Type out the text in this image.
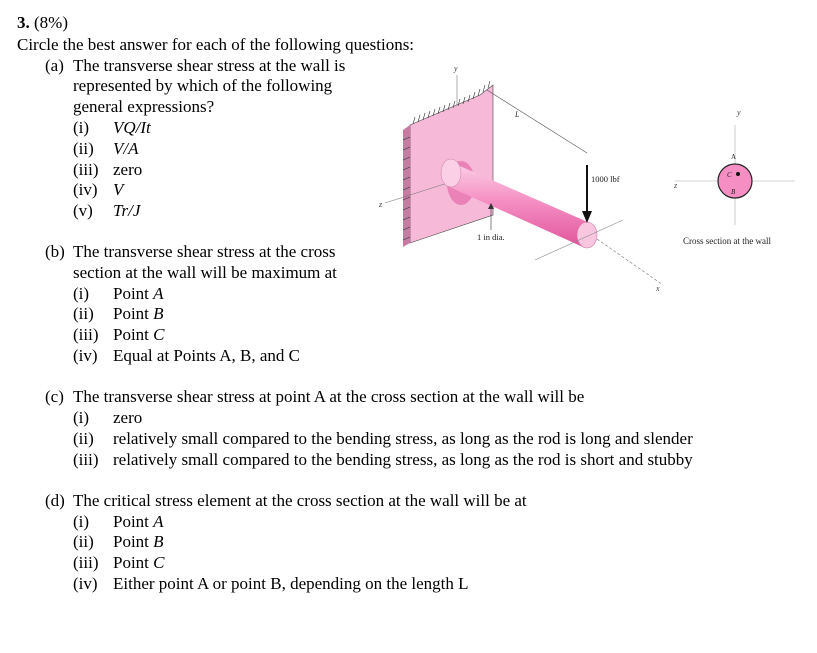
3. (8%)
Circle the best answer for each of the following questions:
(a) The transverse shear stress at the wall is
represented by which of the following
general expressions?
(i) VQ/It
(ii) V/A
(iii) zero
(iv) V
(v) Tr/J
(b) The transverse shear stress at the cross
section at the wall will be maximum at
(i) Point A
(ii) Point B
(iii) Point C
(iv) Equal at Points A, B, and C
(c) The transverse shear stress at point A at the cross section at the wall will be
(i) zero
(ii) relatively small compared to the bending stress, as long as the rod is long and slender
(iii) relatively small compared to the bending stress, as long as the rod is short and stubby
(d) The critical stress element at the cross section at the wall will be at
(i) Point A
(ii) Point B
(iii) Point C
(iv) Either point A or point B, depending on the length L
y
z
x
L
1000 lbf
1 in dia.
y
z
A
C
B
Cross section at the wall
